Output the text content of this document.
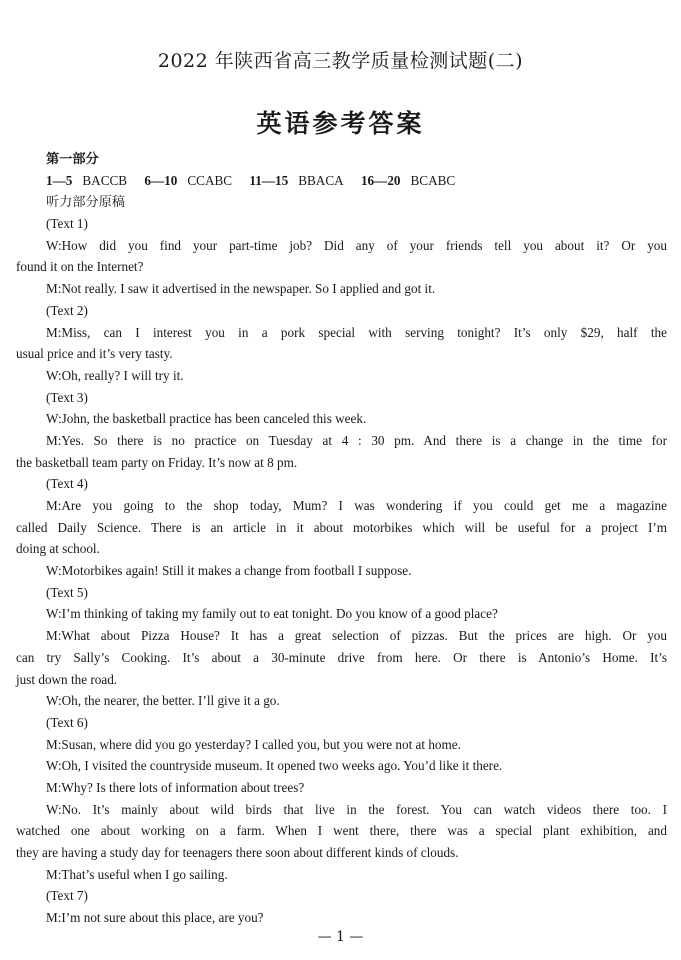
2022 年陕西省高三教学质量检测试题(二)
英语参考答案
第一部分
1—5 BACCB 6—10 CCABC 11—15 BBACA 16—20 BCABC
听力部分原稿
(Text 1)
W:How did you find your part-time job? Did any of your friends tell you about it? Or you
found it on the Internet?
M:Not really. I saw it advertised in the newspaper. So I applied and got it.
(Text 2)
M:Miss, can I interest you in a pork special with serving tonight? It’s only $29, half the
usual price and it’s very tasty.
W:Oh, really? I will try it.
(Text 3)
W:John, the basketball practice has been canceled this week.
M:Yes. So there is no practice on Tuesday at 4 : 30 pm. And there is a change in the time for
the basketball team party on Friday. It’s now at 8 pm.
(Text 4)
M:Are you going to the shop today, Mum? I was wondering if you could get me a magazine
called Daily Science. There is an article in it about motorbikes which will be useful for a project I’m
doing at school.
W:Motorbikes again! Still it makes a change from football I suppose.
(Text 5)
W:I’m thinking of taking my family out to eat tonight. Do you know of a good place?
M:What about Pizza House? It has a great selection of pizzas. But the prices are high. Or you
can try Sally’s Cooking. It’s about a 30-minute drive from here. Or there is Antonio’s Home. It’s
just down the road.
W:Oh, the nearer, the better. I’ll give it a go.
(Text 6)
M:Susan, where did you go yesterday? I called you, but you were not at home.
W:Oh, I visited the countryside museum. It opened two weeks ago. You’d like it there.
M:Why? Is there lots of information about trees?
W:No. It’s mainly about wild birds that live in the forest. You can watch videos there too. I
watched one about working on a farm. When I went there, there was a special plant exhibition, and
they are having a study day for teenagers there soon about different kinds of clouds.
M:That’s useful when I go sailing.
(Text 7)
M:I’m not sure about this place, are you?
— 1 —
